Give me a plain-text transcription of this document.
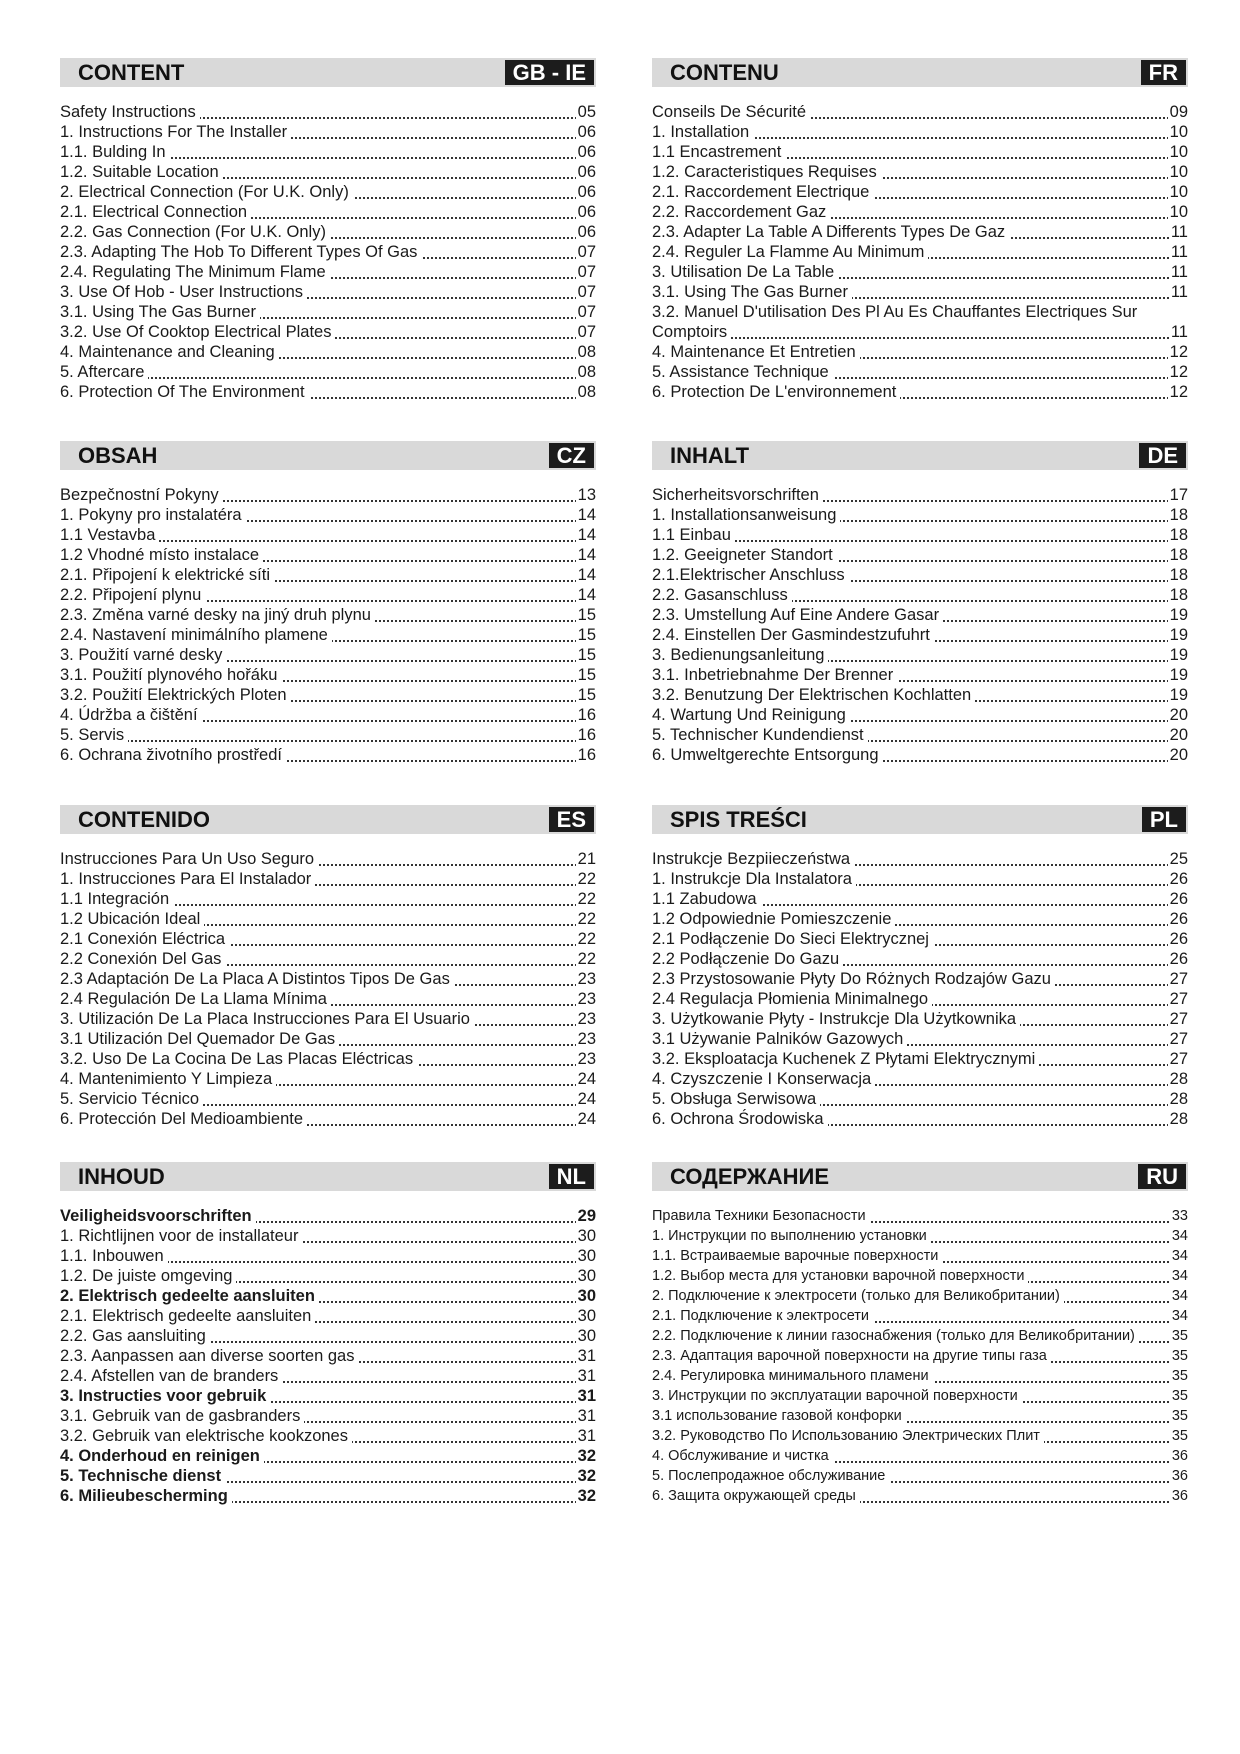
CONTENT	GB - IE
Safety Instructions	05
1. Instructions For The Installer	06
1.1. Bulding In	06
1.2. Suitable Location	06
2. Electrical Connection (For U.K. Only)	06
2.1. Electrical Connection	06
2.2. Gas Connection (For U.K. Only)	06
2.3. Adapting The Hob To Different Types Of Gas	07
2.4. Regulating The Minimum Flame	07
3. Use Of Hob - User Instructions	07
3.1. Using The Gas Burner	07
3.2. Use Of Cooktop Electrical Plates	07
4. Maintenance and Cleaning	08
5. Aftercare	08
6. Protection Of The Environment	08
CONTENU	FR
Conseils De Sécurité	09
1. Installation	10
1.1 Encastrement	10
1.2. Caracteristiques Requises	10
2.1. Raccordement Electrique	10
2.2. Raccordement Gaz	10
2.3. Adapter La Table A Differents Types De Gaz	11
2.4. Reguler La Flamme Au Minimum	11
3. Utilisation De La Table	11
3.1. Using The Gas Burner	11
3.2. Manuel D'utilisation Des Pl Au Es Chauffantes Electriques Sur Comptoirs	11
4. Maintenance Et Entretien	12
5. Assistance Technique	12
6. Protection De L'environnement	12
OBSAH	CZ
Bezpečnostní Pokyny	13
1. Pokyny pro instalatéra	14
1.1 Vestavba	14
1.2 Vhodné místo instalace	14
2.1. Připojení k elektrické síti	14
2.2. Připojení plynu	14
2.3. Změna varné desky na jiný druh plynu	15
2.4. Nastavení minimálního plamene	15
3. Použití varné desky	15
3.1. Použití plynového hořáku	15
3.2. Použití Elektrických Ploten	15
4. Údržba a čištění	16
5. Servis	16
6. Ochrana životního prostředí	16
INHALT	DE
Sicherheitsvorschriften	17
1. Installationsanweisung	18
1.1 Einbau	18
1.2. Geeigneter Standort	18
2.1.Elektrischer Anschluss	18
2.2. Gasanschluss	18
2.3. Umstellung Auf Eine Andere Gasar	19
2.4. Einstellen Der Gasmindestzufuhrt	19
3. Bedienungsanleitung	19
3.1. Inbetriebnahme Der Brenner	19
3.2. Benutzung Der Elektrischen Kochlatten	19
4. Wartung Und Reinigung	20
5. Technischer Kundendienst	20
6. Umweltgerechte Entsorgung	20
CONTENIDO	ES
Instrucciones Para Un Uso Seguro	21
1. Instrucciones Para El Instalador	22
1.1 Integración	22
1.2 Ubicación Ideal	22
2.1 Conexión Eléctrica	22
2.2 Conexión Del Gas	22
2.3 Adaptación De La Placa A Distintos Tipos De Gas	23
2.4 Regulación De La Llama Mínima	23
3. Utilización De La Placa Instrucciones Para El Usuario	23
3.1 Utilización Del Quemador De Gas	23
3.2. Uso De La Cocina De Las Placas Eléctricas	23
4. Mantenimiento Y Limpieza	24
5. Servicio Técnico	24
6. Protección Del Medioambiente	24
SPIS TREŚCI	PL
Instrukcje Bezpiieczeństwa	25
1. Instrukcje Dla Instalatora	26
1.1 Zabudowa	26
1.2 Odpowiednie Pomieszczenie	26
2.1 Podłączenie Do Sieci Elektrycznej	26
2.2 Podłączenie Do Gazu	26
2.3 Przystosowanie Płyty Do Różnych Rodzajów Gazu	27
2.4 Regulacja Płomienia Minimalnego	27
3. Użytkowanie Płyty - Instrukcje Dla Użytkownika	27
3.1 Używanie Palników Gazowych	27
3.2. Eksploatacja Kuchenek Z Płytami Elektrycznymi	27
4. Czyszczenie I Konserwacja	28
5. Obsługa Serwisowa	28
6. Ochrona Środowiska	28
INHOUD	NL
Veiligheidsvoorschriften	29
1. Richtlijnen voor de installateur	30
1.1. Inbouwen	30
1.2. De juiste omgeving	30
2. Elektrisch gedeelte aansluiten	30
2.1. Elektrisch gedeelte aansluiten	30
2.2. Gas aansluiting	30
2.3. Aanpassen aan diverse soorten gas	31
2.4. Afstellen van de branders	31
3. Instructies voor gebruik	31
3.1. Gebruik van de gasbranders	31
3.2. Gebruik van elektrische kookzones	31
4. Onderhoud en reinigen	32
5. Technische dienst	32
6. Milieubescherming	32
СОДЕРЖАНИЕ	RU
Правила Техники Безопасности	33
1. Инструкции по выполнению установки	34
1.1. Встраиваемые варочные поверхности	34
1.2. Выбор места для установки варочной поверхности	34
2. Подключение к электросети (только для Великобритании)	34
2.1. Подключение к электросети	34
2.2. Подключение к линии газоснабжения (только для Великобритании)	35
2.3. Адаптация варочной поверхности на другие типы газа	35
2.4. Регулировка минимального пламени	35
3. Инструкции по эксплуатации варочной поверхности	35
3.1 использование газовой конфорки	35
3.2. Руководство По Использованию Электрических Плит	35
4. Обслуживание и чистка	36
5. Послепродажное обслуживание	36
6. Защита окружающей среды	36
